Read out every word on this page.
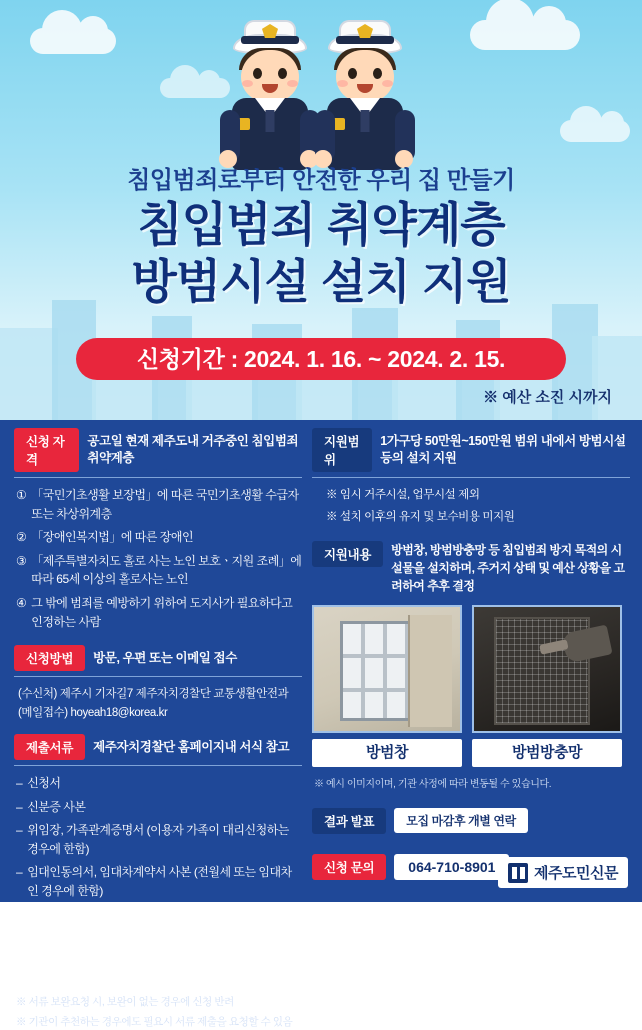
침입범죄로부터 안전한 우리 집 만들기
침입범죄 취약계층
방범시설 설치 지원
신청기간 : 2024. 1. 16. ~ 2024. 2. 15.
※ 예산 소진 시까지
신청 자격
공고일 현재 제주도내 거주중인 침입범죄 취약계층
① 「국민기초생활 보장법」에 따른 국민기초생활 수급자 또는 차상위계층
② 「장애인복지법」에 따른 장애인
③ 「제주특별자치도 홀로 사는 노인 보호ㆍ지원 조례」에 따라 65세 이상의 홀로사는 노인
④ 그 밖에 범죄를 예방하기 위하여 도지사가 필요하다고 인정하는 사람
신청방법	방문, 우편 또는 이메일 접수
(수신처) 제주시 기자길7 제주자치경찰단 교통생활안전과
(메일접수) hoyeah18@korea.kr
제출서류	제주자치경찰단 홈페이지내 서식 참고
– 신청서
– 신분증 사본
– 위임장, 가족관계증명서 (이용자 가족이 대리신청하는 경우에 한함)
– 임대인동의서, 임대차계약서 사본 (전월세 또는 임대차인 경우에 한함)
– 행정정보 공동이용 사전동의서
– 주민등록등본, 기초생활수급자 증명서 등 대상자 증빙서류 (행정정보 공동이용 동의서 미제출시 해당서류를 본인이 구비하여 제출)
※ 서류 보완요청 시, 보완이 없는 경우에 신청 반려
※ 기관이 추천하는 경우에도 필요시 서류 제출을 요청할 수 있음
지원범위
1가구당 50만원~150만원 범위 내에서 방범시설 등의 설치 지원
※ 임시 거주시설, 업무시설 제외
※ 설치 이후의 유지 및 보수비용 미지원
지원내용	방범창, 방범방충망 등 침입범죄 방지 목적의 시설물을 설치하며, 주거지 상태 및 예산 상황을 고려하여 추후 결정
방범창	방범방충망
※ 예시 이미지이며, 기관 사정에 따라 변동될 수 있습니다.
결과 발표	모집 마감후 개별 연락
신청 문의	064-710-8901	제주도민신문
